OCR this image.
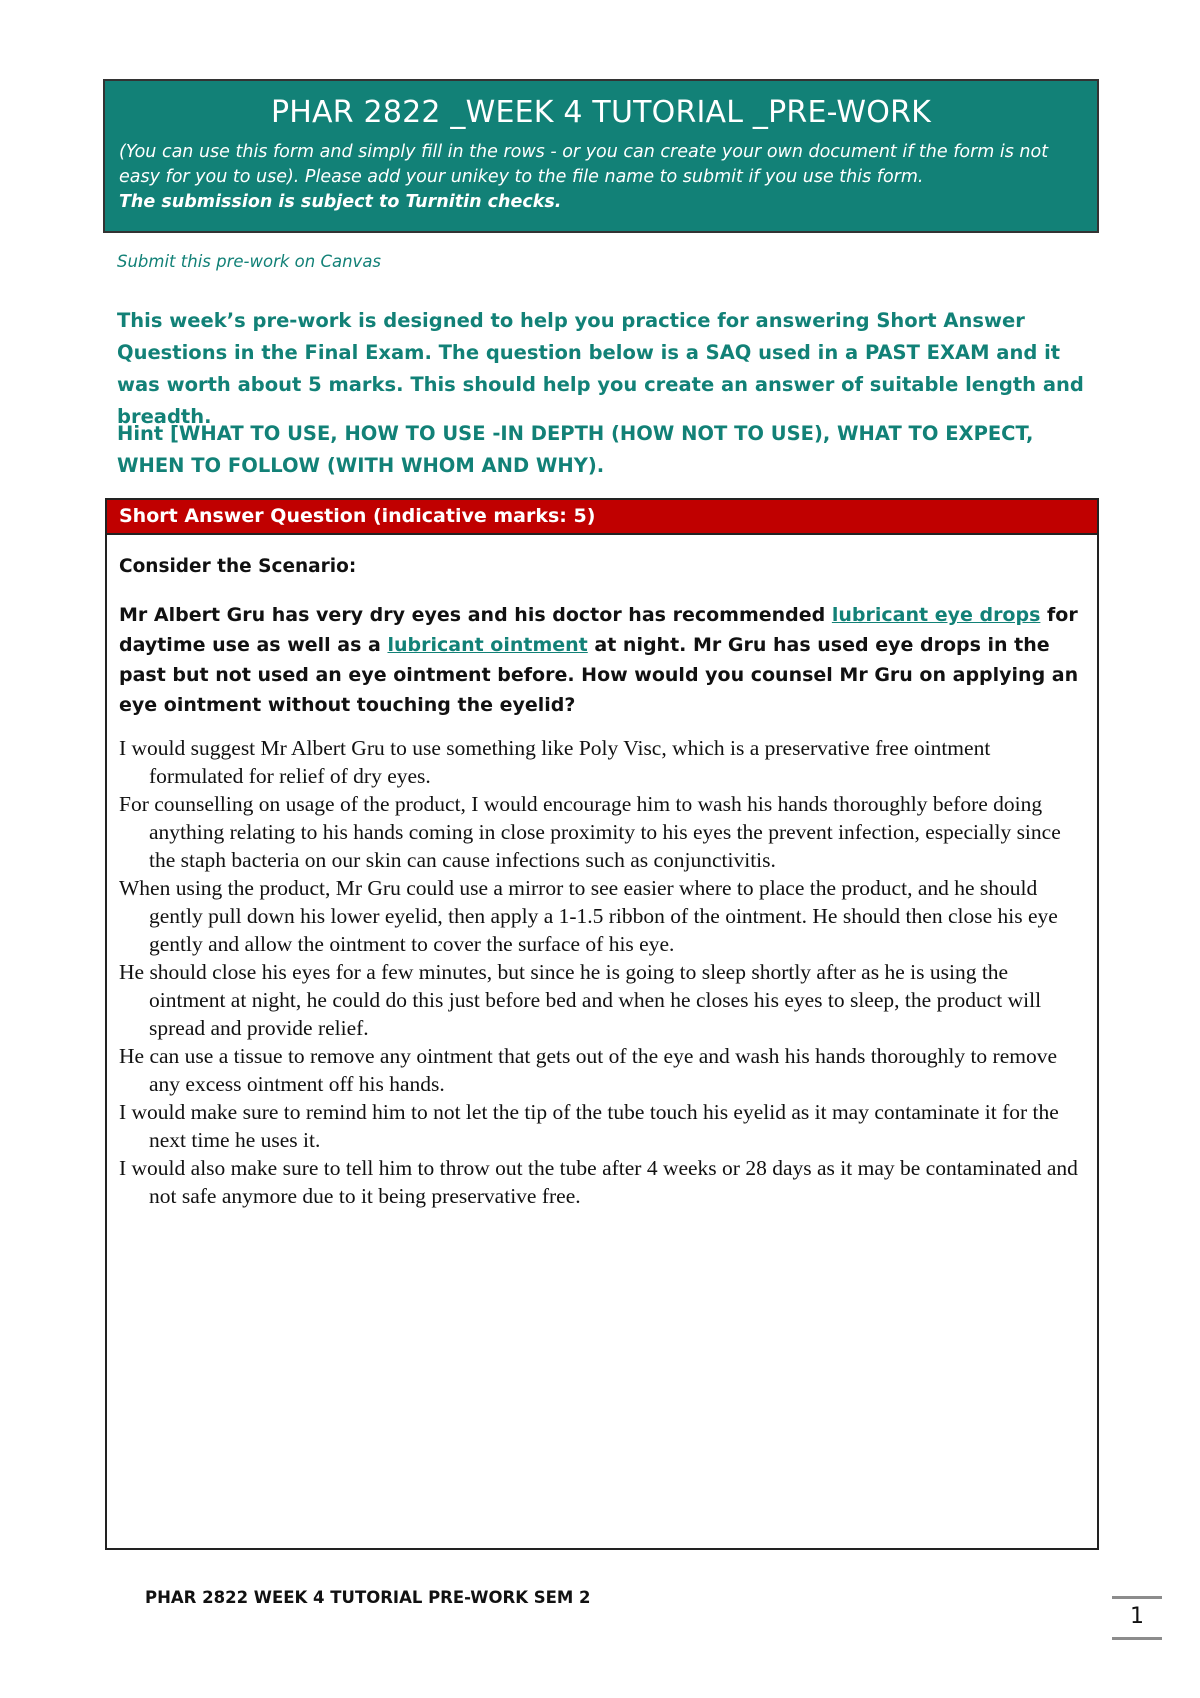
PHAR 2822 _WEEK 4 TUTORIAL _PRE-WORK
(You can use this form and simply fill in the rows - or you can create your own document if the form is not easy for you to use). Please add your unikey to the file name to submit if you use this form.
The submission is subject to Turnitin checks.
Submit this pre-work on Canvas
This week’s pre-work is designed to help you practice for answering Short Answer Questions in the Final Exam. The question below is a SAQ used in a PAST EXAM and it was worth about 5 marks. This should help you create an answer of suitable length and breadth.
Hint [WHAT TO USE, HOW TO USE -IN DEPTH (HOW NOT TO USE), WHAT TO EXPECT, WHEN TO FOLLOW (WITH WHOM AND WHY).
Short Answer Question (indicative marks: 5)
Consider the Scenario:
Mr Albert Gru has very dry eyes and his doctor has recommended lubricant eye drops for daytime use as well as a lubricant ointment at night. Mr Gru has used eye drops in the past but not used an eye ointment before. How would you counsel Mr Gru on applying an eye ointment without touching the eyelid?

I would suggest Mr Albert Gru to use something like Poly Visc, which is a preservative free ointment formulated for relief of dry eyes.

For counselling on usage of the product, I would encourage him to wash his hands thoroughly before doing anything relating to his hands coming in close proximity to his eyes the prevent infection, especially since the staph bacteria on our skin can cause infections such as conjunctivitis.

When using the product, Mr Gru could use a mirror to see easier where to place the product, and he should gently pull down his lower eyelid, then apply a 1-1.5 ribbon of the ointment. He should then close his eye gently and allow the ointment to cover the surface of his eye.

He should close his eyes for a few minutes, but since he is going to sleep shortly after as he is using the ointment at night, he could do this just before bed and when he closes his eyes to sleep, the product will spread and provide relief.

He can use a tissue to remove any ointment that gets out of the eye and wash his hands thoroughly to remove any excess ointment off his hands.

I would make sure to remind him to not let the tip of the tube touch his eyelid as it may contaminate it for the next time he uses it.

I would also make sure to tell him to throw out the tube after 4 weeks or 28 days as it may be contaminated and not safe anymore due to it being preservative free.

PHAR 2822 WEEK 4 TUTORIAL PRE-WORK SEM 2
1
